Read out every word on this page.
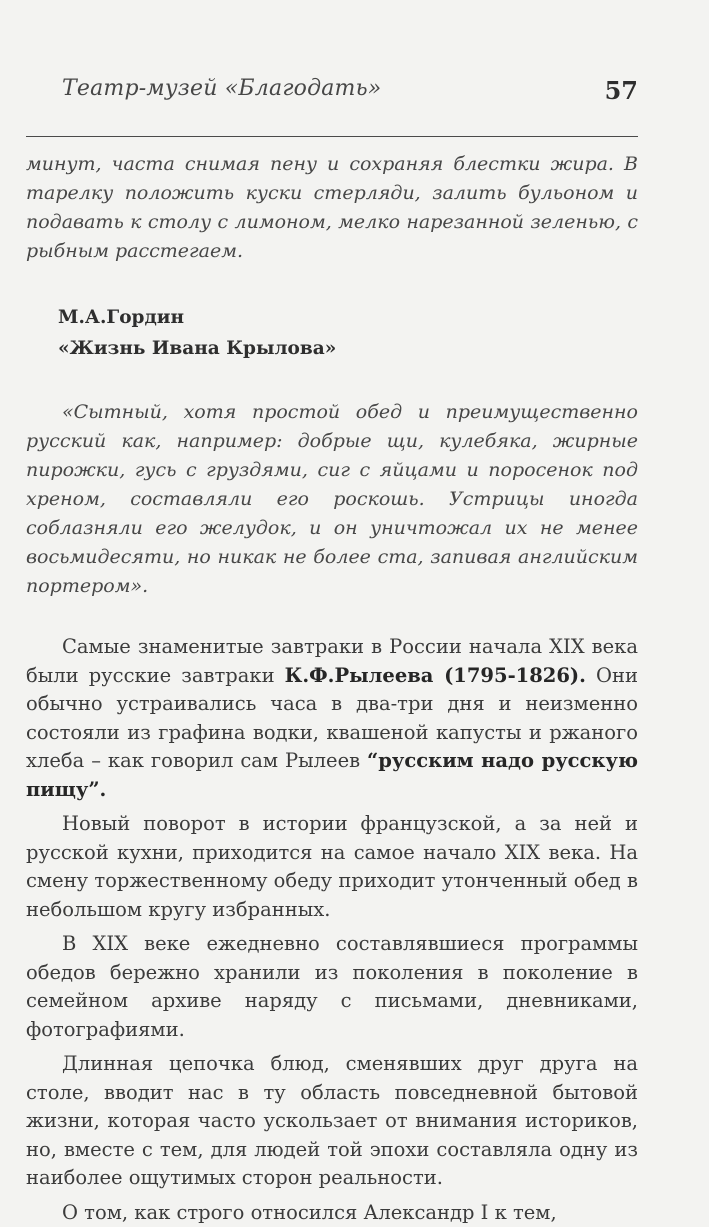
Театр-музей «Благодать»	57

минут, часта снимая пену и сохраняя блестки жира. В тарелку положить куски стерляди, залить бульоном и подавать к столу с лимоном, мелко нарезанной зеленью, с рыбным расстегаем.

М.А.Гордин
«Жизнь Ивана Крылова»

«Сытный, хотя простой обед и преимущественно русский как, например: добрые щи, кулебяка, жирные пирожки, гусь с груздями, сиг с яйцами и поросенок под хреном, составляли его роскошь. Устрицы иногда соблазняли его желудок, и он уничтожал их не менее восьмидесяти, но никак не более ста, запивая английским портером».

Самые знаменитые завтраки в России начала XIX века были русские завтраки К.Ф.Рылеева (1795-1826). Они обычно устраивались часа в два-три дня и неизменно состояли из графина водки, квашеной капусты и ржаного хлеба – как говорил сам Рылеев “русским надо русскую пищу”.

Новый поворот в истории французской, а за ней и русской кухни, приходится на самое начало XIX века. На смену торжественному обеду приходит утонченный обед в небольшом кругу избранных.

В XIX веке ежедневно составлявшиеся программы обедов бережно хранили из поколения в поколение в семейном архиве наряду с письмами, дневниками, фотографиями.

Длинная цепочка блюд, сменявших друг друга на столе, вводит нас в ту область повседневной бытовой жизни, которая часто ускользает от внимания историков, но, вместе с тем, для людей той эпохи составляла одну из наиболее ощутимых сторон реальности.

О том, как строго относился Александр I к тем,
